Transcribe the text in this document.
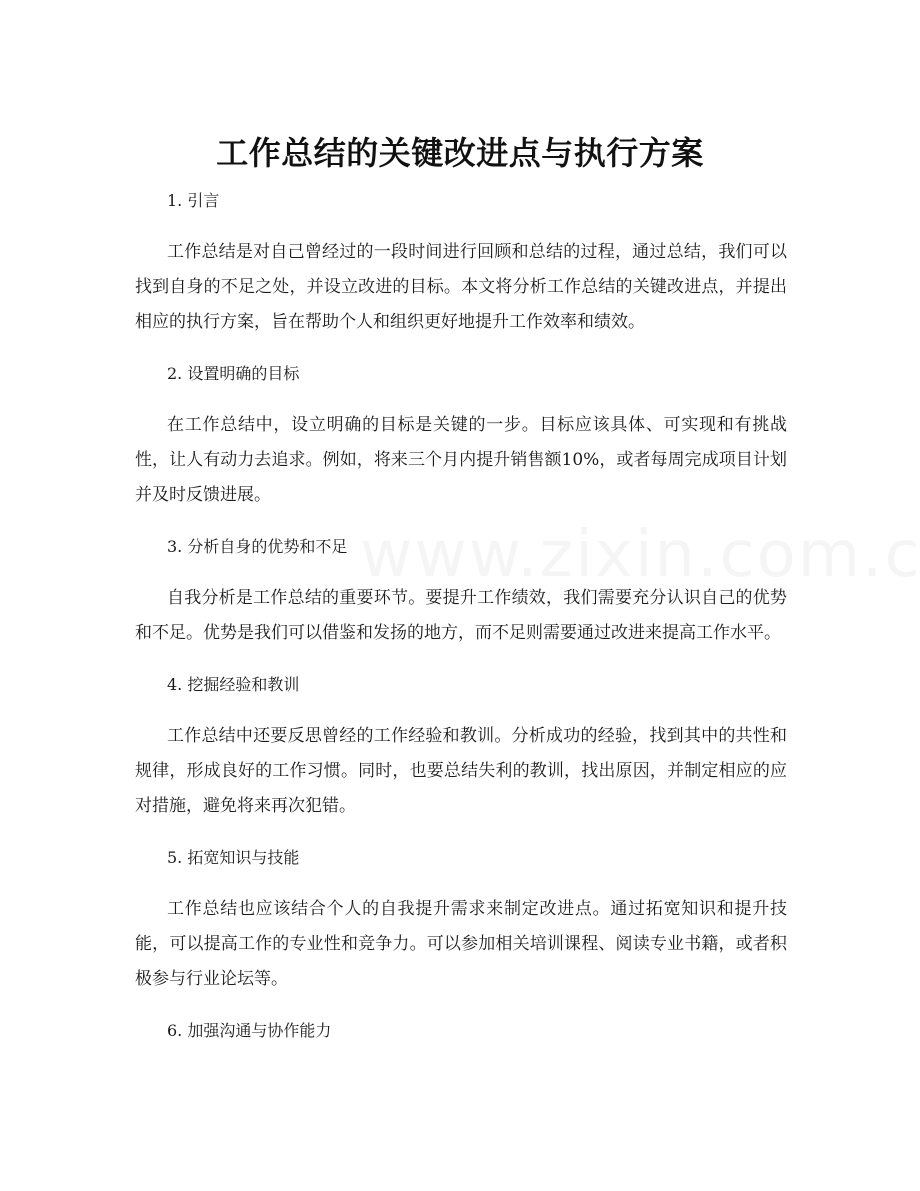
工作总结的关键改进点与执行方案

1. 引言

工作总结是对自己曾经过的一段时间进行回顾和总结的过程，通过总结，我们可以找到自身的不足之处，并设立改进的目标。本文将分析工作总结的关键改进点，并提出相应的执行方案，旨在帮助个人和组织更好地提升工作效率和绩效。

2. 设置明确的目标

在工作总结中，设立明确的目标是关键的一步。目标应该具体、可实现和有挑战性，让人有动力去追求。例如，将来三个月内提升销售额10%，或者每周完成项目计划并及时反馈进展。

3. 分析自身的优势和不足

自我分析是工作总结的重要环节。要提升工作绩效，我们需要充分认识自己的优势和不足。优势是我们可以借鉴和发扬的地方，而不足则需要通过改进来提高工作水平。

4. 挖掘经验和教训

工作总结中还要反思曾经的工作经验和教训。分析成功的经验，找到其中的共性和规律，形成良好的工作习惯。同时，也要总结失利的教训，找出原因，并制定相应的应对措施，避免将来再次犯错。

5. 拓宽知识与技能

工作总结也应该结合个人的自我提升需求来制定改进点。通过拓宽知识和提升技能，可以提高工作的专业性和竞争力。可以参加相关培训课程、阅读专业书籍，或者积极参与行业论坛等。

6. 加强沟通与协作能力
